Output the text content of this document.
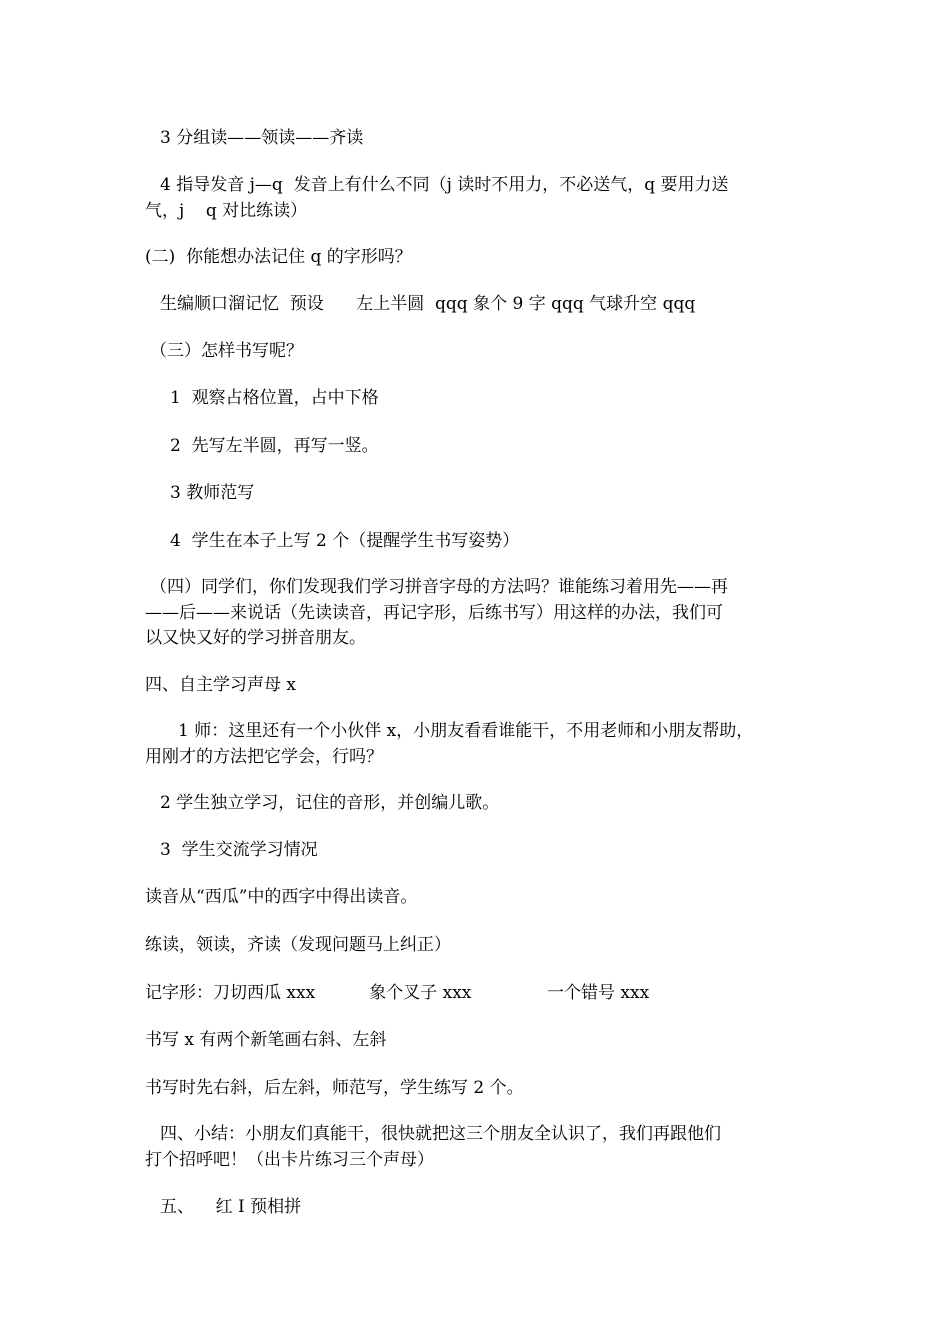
3 分组读——领读——齐读
4 指导发音 j—q  发音上有什么不同（j 读时不用力，不必送气，q 要用力送
气，j    q 对比练读）
(二)  你能想办法记住 q 的字形吗？
生编顺口溜记忆  预设      左上半圆  qqq 象个 9 字 qqq 气球升空 qqq
（三）怎样书写呢？
1  观察占格位置，占中下格
2  先写左半圆，再写一竖。
3 教师范写
4  学生在本子上写 2 个（提醒学生书写姿势）
（四）同学们，你们发现我们学习拼音字母的方法吗？谁能练习着用先——再
——后——来说话（先读读音，再记字形，后练书写）用这样的办法，我们可
以又快又好的学习拼音朋友。
四、自主学习声母 x
1 师：这里还有一个小伙伴 x，小朋友看看谁能干，不用老师和小朋友帮助，
用刚才的方法把它学会，行吗？
2 学生独立学习，记住的音形，并创编儿歌。
3  学生交流学习情况
读音从“西瓜”中的西字中得出读音。
练读，领读，齐读（发现问题马上纠正）
记字形：刀切西瓜 xxx          象个叉子 xxx              一个错号 xxx
书写 x 有两个新笔画右斜、左斜
书写时先右斜，后左斜，师范写，学生练写 2 个。
四、小结：小朋友们真能干，很快就把这三个朋友全认识了，我们再跟他们
打个招呼吧！（出卡片练习三个声母）
五、    红 I 预相拼
